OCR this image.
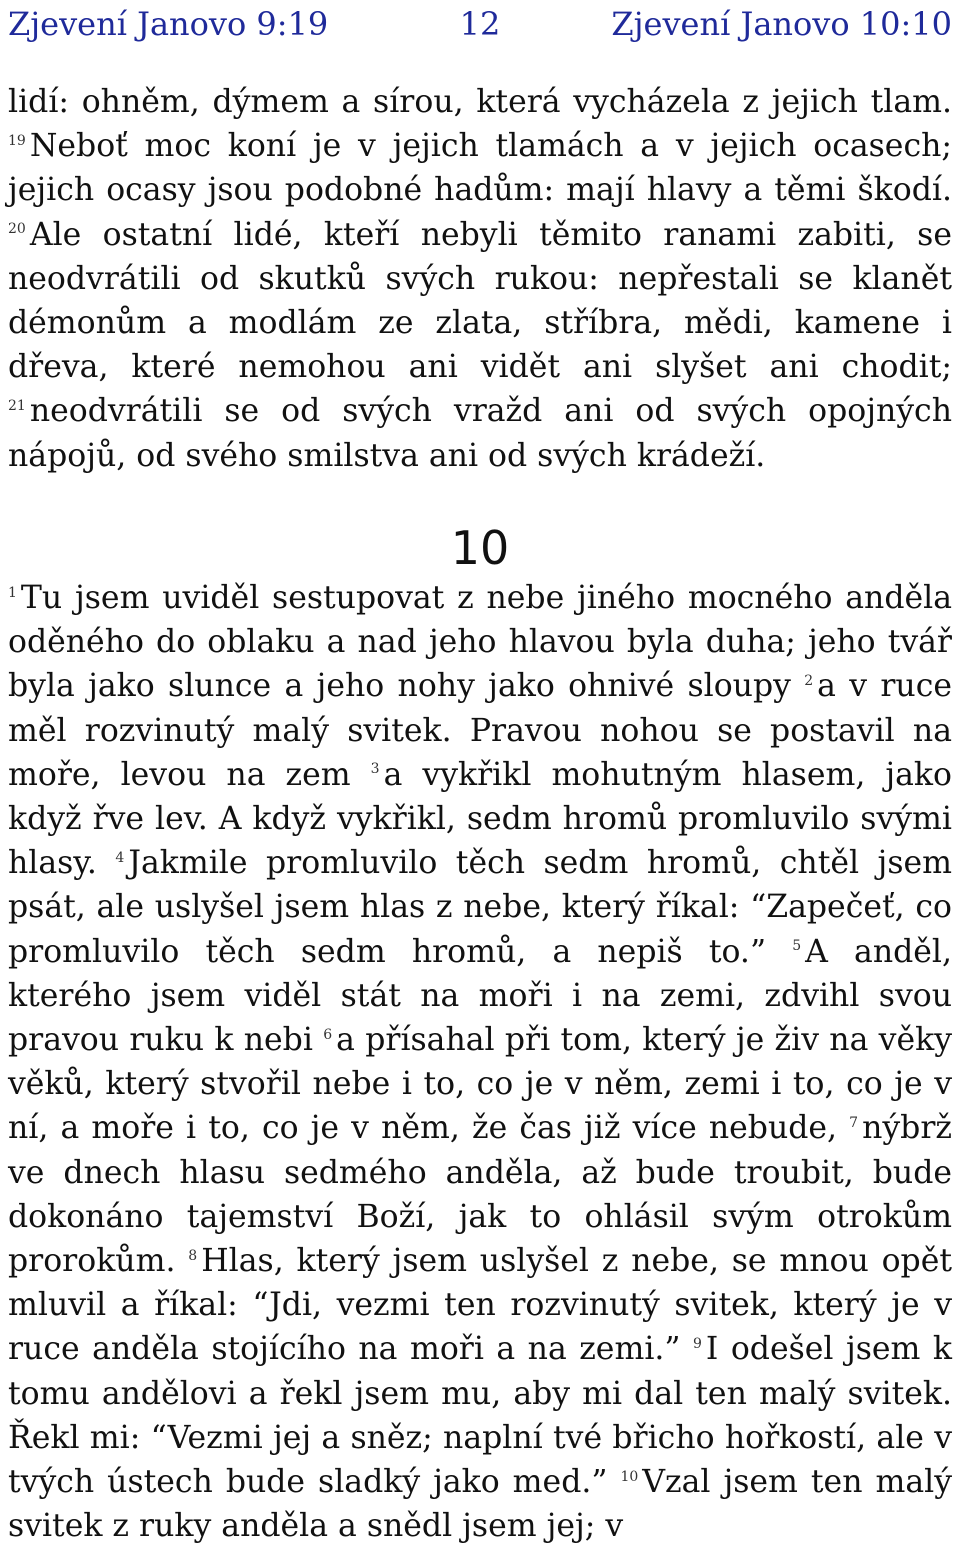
Zjevení Janovo 9:19	12	Zjevení Janovo 10:10

lidí: ohněm, dýmem a sírou, která vycházela z jejich tlam. $^{19}$ Neboť moc koní je v jejich tlamách a v jejich ocasech; jejich ocasy jsou podobné hadům: mají hlavy a těmi škodí. $^{20}$ Ale ostatní lidé, kteří nebyli těmito ranami zabiti, se neodvrátili od skutků svých rukou: nepřestali se klanět démonům a modlám ze zlata, stříbra, mědi, kamene i dřeva, které nemohou ani vidět ani slyšet ani chodit; $^{21}$ neodvrátili se od svých vražd ani od svých opojných nápojů, od svého smilstva ani od svých krádeží.

10

$^1$ Tu jsem uviděl sestupovat z nebe jiného mocného anděla oděného do oblaku a nad jeho hlavou byla duha; jeho tvář byla jako slunce a jeho nohy jako ohnivé sloupy $^2$ a v ruce měl rozvinutý malý svitek. Pravou nohou se postavil na moře, levou na zem $^3$ a vykřikl mohutným hlasem, jako když řve lev. A když vykřikl, sedm hromů promluvilo svými hlasy. $^4$ Jakmile promluvilo těch sedm hromů, chtěl jsem psát, ale uslyšel jsem hlas z nebe, který říkal: “Zapečeť, co promluvilo těch sedm hromů, a nepiš to.” $^5$ A anděl, kterého jsem viděl stát na moři i na zemi, zdvihl svou pravou ruku k nebi $^6$ a přísahal při tom, který je živ na věky věků, který stvořil nebe i to, co je v něm, zemi i to, co je v ní, a moře i to, co je v něm, že čas již více nebude, $^7$ nýbrž ve dnech hlasu sedmého anděla, až bude troubit, bude dokonáno tajemství Boží, jak to ohlásil svým otrokům prorokům. $^8$ Hlas, který jsem uslyšel z nebe, se mnou opět mluvil a říkal: “Jdi, vezmi ten rozvinutý svitek, který je v ruce anděla stojícího na moři a na zemi.” $^9$ I odešel jsem k tomu andělovi a řekl jsem mu, aby mi dal ten malý svitek. Řekl mi: “Vezmi jej a sněz; naplní tvé břicho hořkostí, ale v tvých ústech bude sladký jako med.” $^{10}$ Vzal jsem ten malý svitek z ruky anděla a snědl jsem jej; v
